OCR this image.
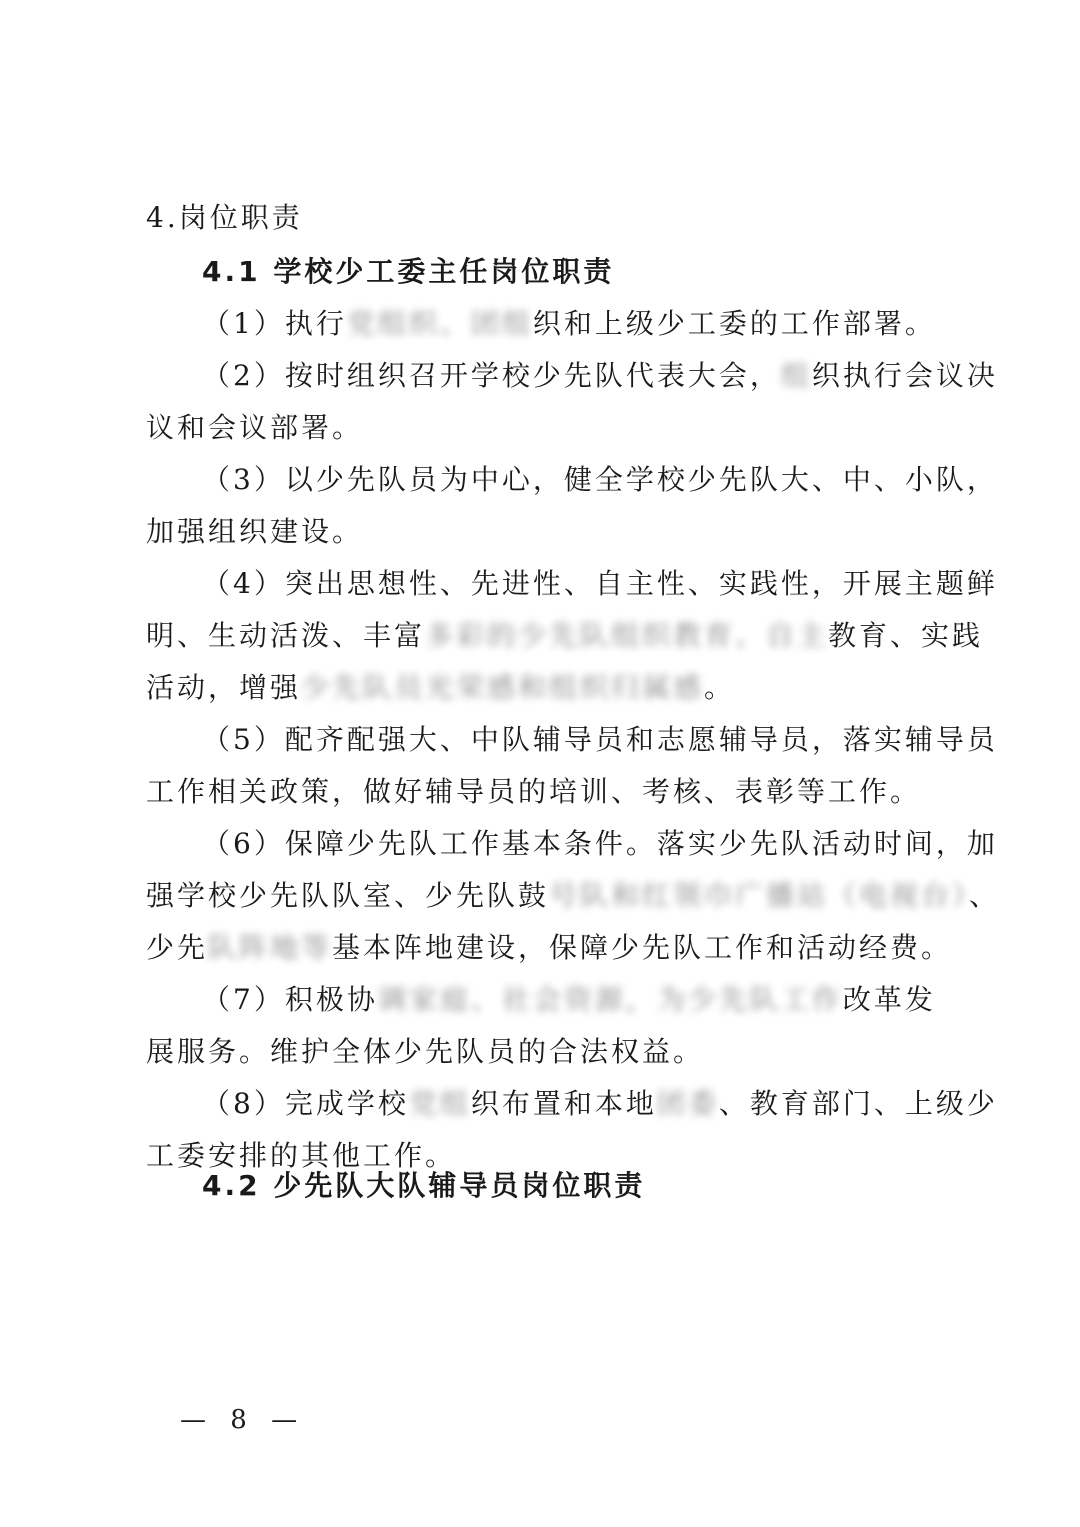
4.岗位职责
4.1 学校少工委主任岗位职责
（1）执行党组织、团组织和上级少工委的工作部署。
（2）按时组织召开学校少先队代表大会，组织执行会议决
议和会议部署。
（3）以少先队员为中心，健全学校少先队大、中、小队，
加强组织建设。
（4）突出思想性、先进性、自主性、实践性，开展主题鲜
明、生动活泼、丰富多彩的少先队组织教育、自主教育、实践
活动，增强少先队员光荣感和组织归属感。
（5）配齐配强大、中队辅导员和志愿辅导员，落实辅导员
工作相关政策，做好辅导员的培训、考核、表彰等工作。
（6）保障少先队工作基本条件。落实少先队活动时间，加
强学校少先队队室、少先队鼓号队和红领巾广播站（电视台）、
少先队阵地等基本阵地建设，保障少先队工作和活动经费。
（7）积极协调家庭、社会资源，为少先队工作改革发
展服务。维护全体少先队员的合法权益。
（8）完成学校党组织布置和本地团委、教育部门、上级少
工委安排的其他工作。
4.2 少先队大队辅导员岗位职责
— 8 —
